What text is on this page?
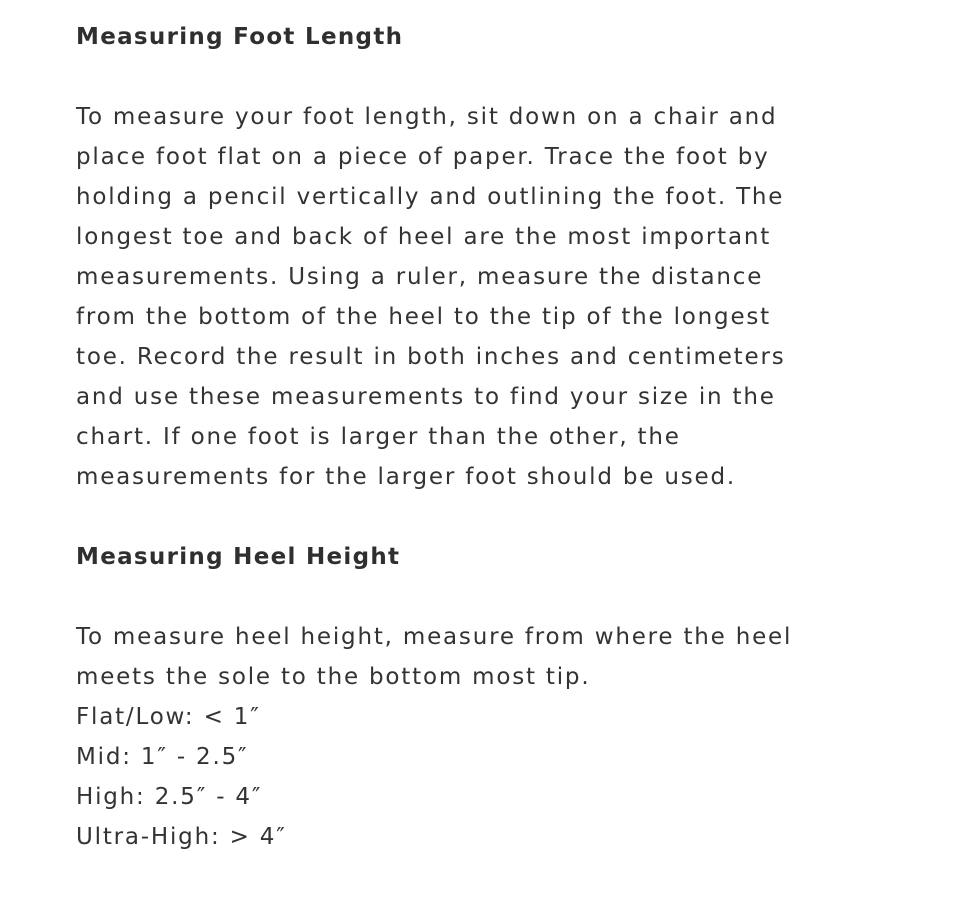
Measuring Foot Length

To measure your foot length, sit down on a chair and
place foot flat on a piece of paper. Trace the foot by
holding a pencil vertically and outlining the foot. The
longest toe and back of heel are the most important
measurements. Using a ruler, measure the distance
from the bottom of the heel to the tip of the longest
toe. Record the result in both inches and centimeters
and use these measurements to find your size in the
chart. If one foot is larger than the other, the
measurements for the larger foot should be used.

Measuring Heel Height

To measure heel height, measure from where the heel
meets the sole to the bottom most tip.
Flat/Low: < 1″
Mid: 1″ - 2.5″
High: 2.5″ - 4″
Ultra-High: > 4″
